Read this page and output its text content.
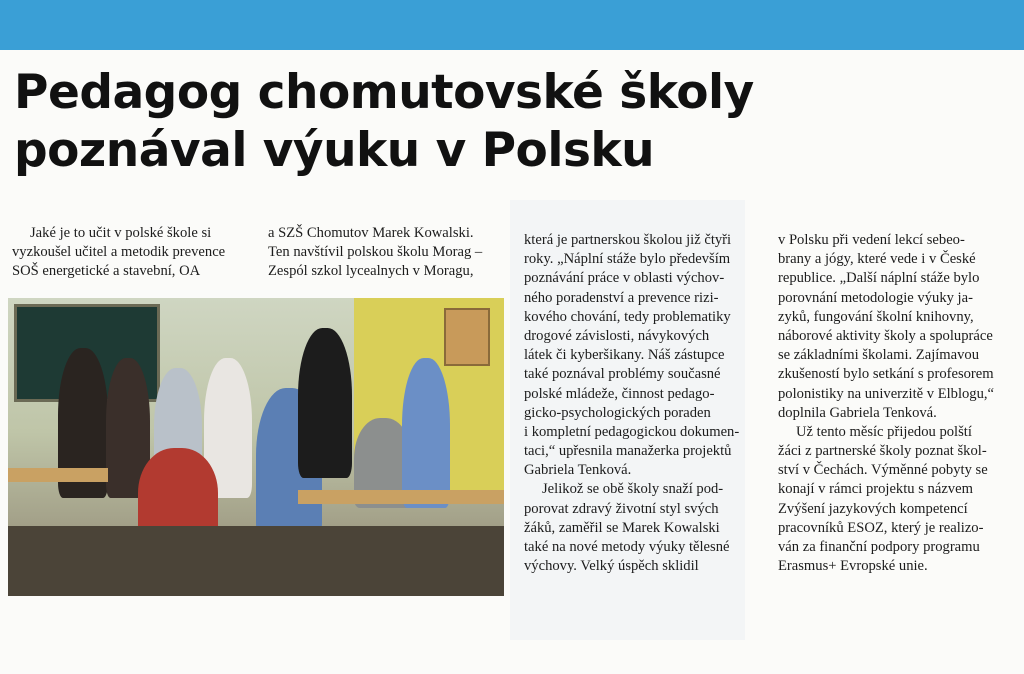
Pedagog chomutovské školy
poznával výuku v Polsku
Jaké je to učit v polské škole si
vyzkoušel učitel a metodik prevence
SOŠ energetické a stavební, OA
a SZŠ Chomutov Marek Kowalski.
Ten navštívil polskou školu Morag –
Zespól szkol lycealnych v Moragu,
která je partnerskou školou již čtyři
roky. „Náplní stáže bylo především
poznávání práce v oblasti výchov-
ného poradenství a prevence rizi-
kového chování, tedy problematiky
drogové závislosti, návykových
látek či kyberšikany. Náš zástupce
také poznával problémy současné
polské mládeže, činnost pedago-
gicko-psychologických poraden
i kompletní pedagogickou dokumen-
taci,“ upřesnila manažerka projektů
Gabriela Tenková.
Jelikož se obě školy snaží pod-
porovat zdravý životní styl svých
žáků, zaměřil se Marek Kowalski
také na nové metody výuky tělesné
výchovy. Velký úspěch sklidil
v Polsku při vedení lekcí sebeo-
brany a jógy, které vede i v České
republice. „Další náplní stáže bylo
porovnání metodologie výuky ja-
zyků, fungování školní knihovny,
náborové aktivity školy a spolupráce
se základními školami. Zajímavou
zkušeností bylo setkání s profesorem
polonistiky na univerzitě v Elblogu,“
doplnila Gabriela Tenková.
Už tento měsíc přijedou polští
žáci z partnerské školy poznat škol-
ství v Čechách. Výměnné pobyty se
konají v rámci projektu s názvem
Zvýšení jazykových kompetencí
pracovníků ESOZ, který je realizo-
ván za finanční podpory programu
Erasmus+ Evropské unie.
